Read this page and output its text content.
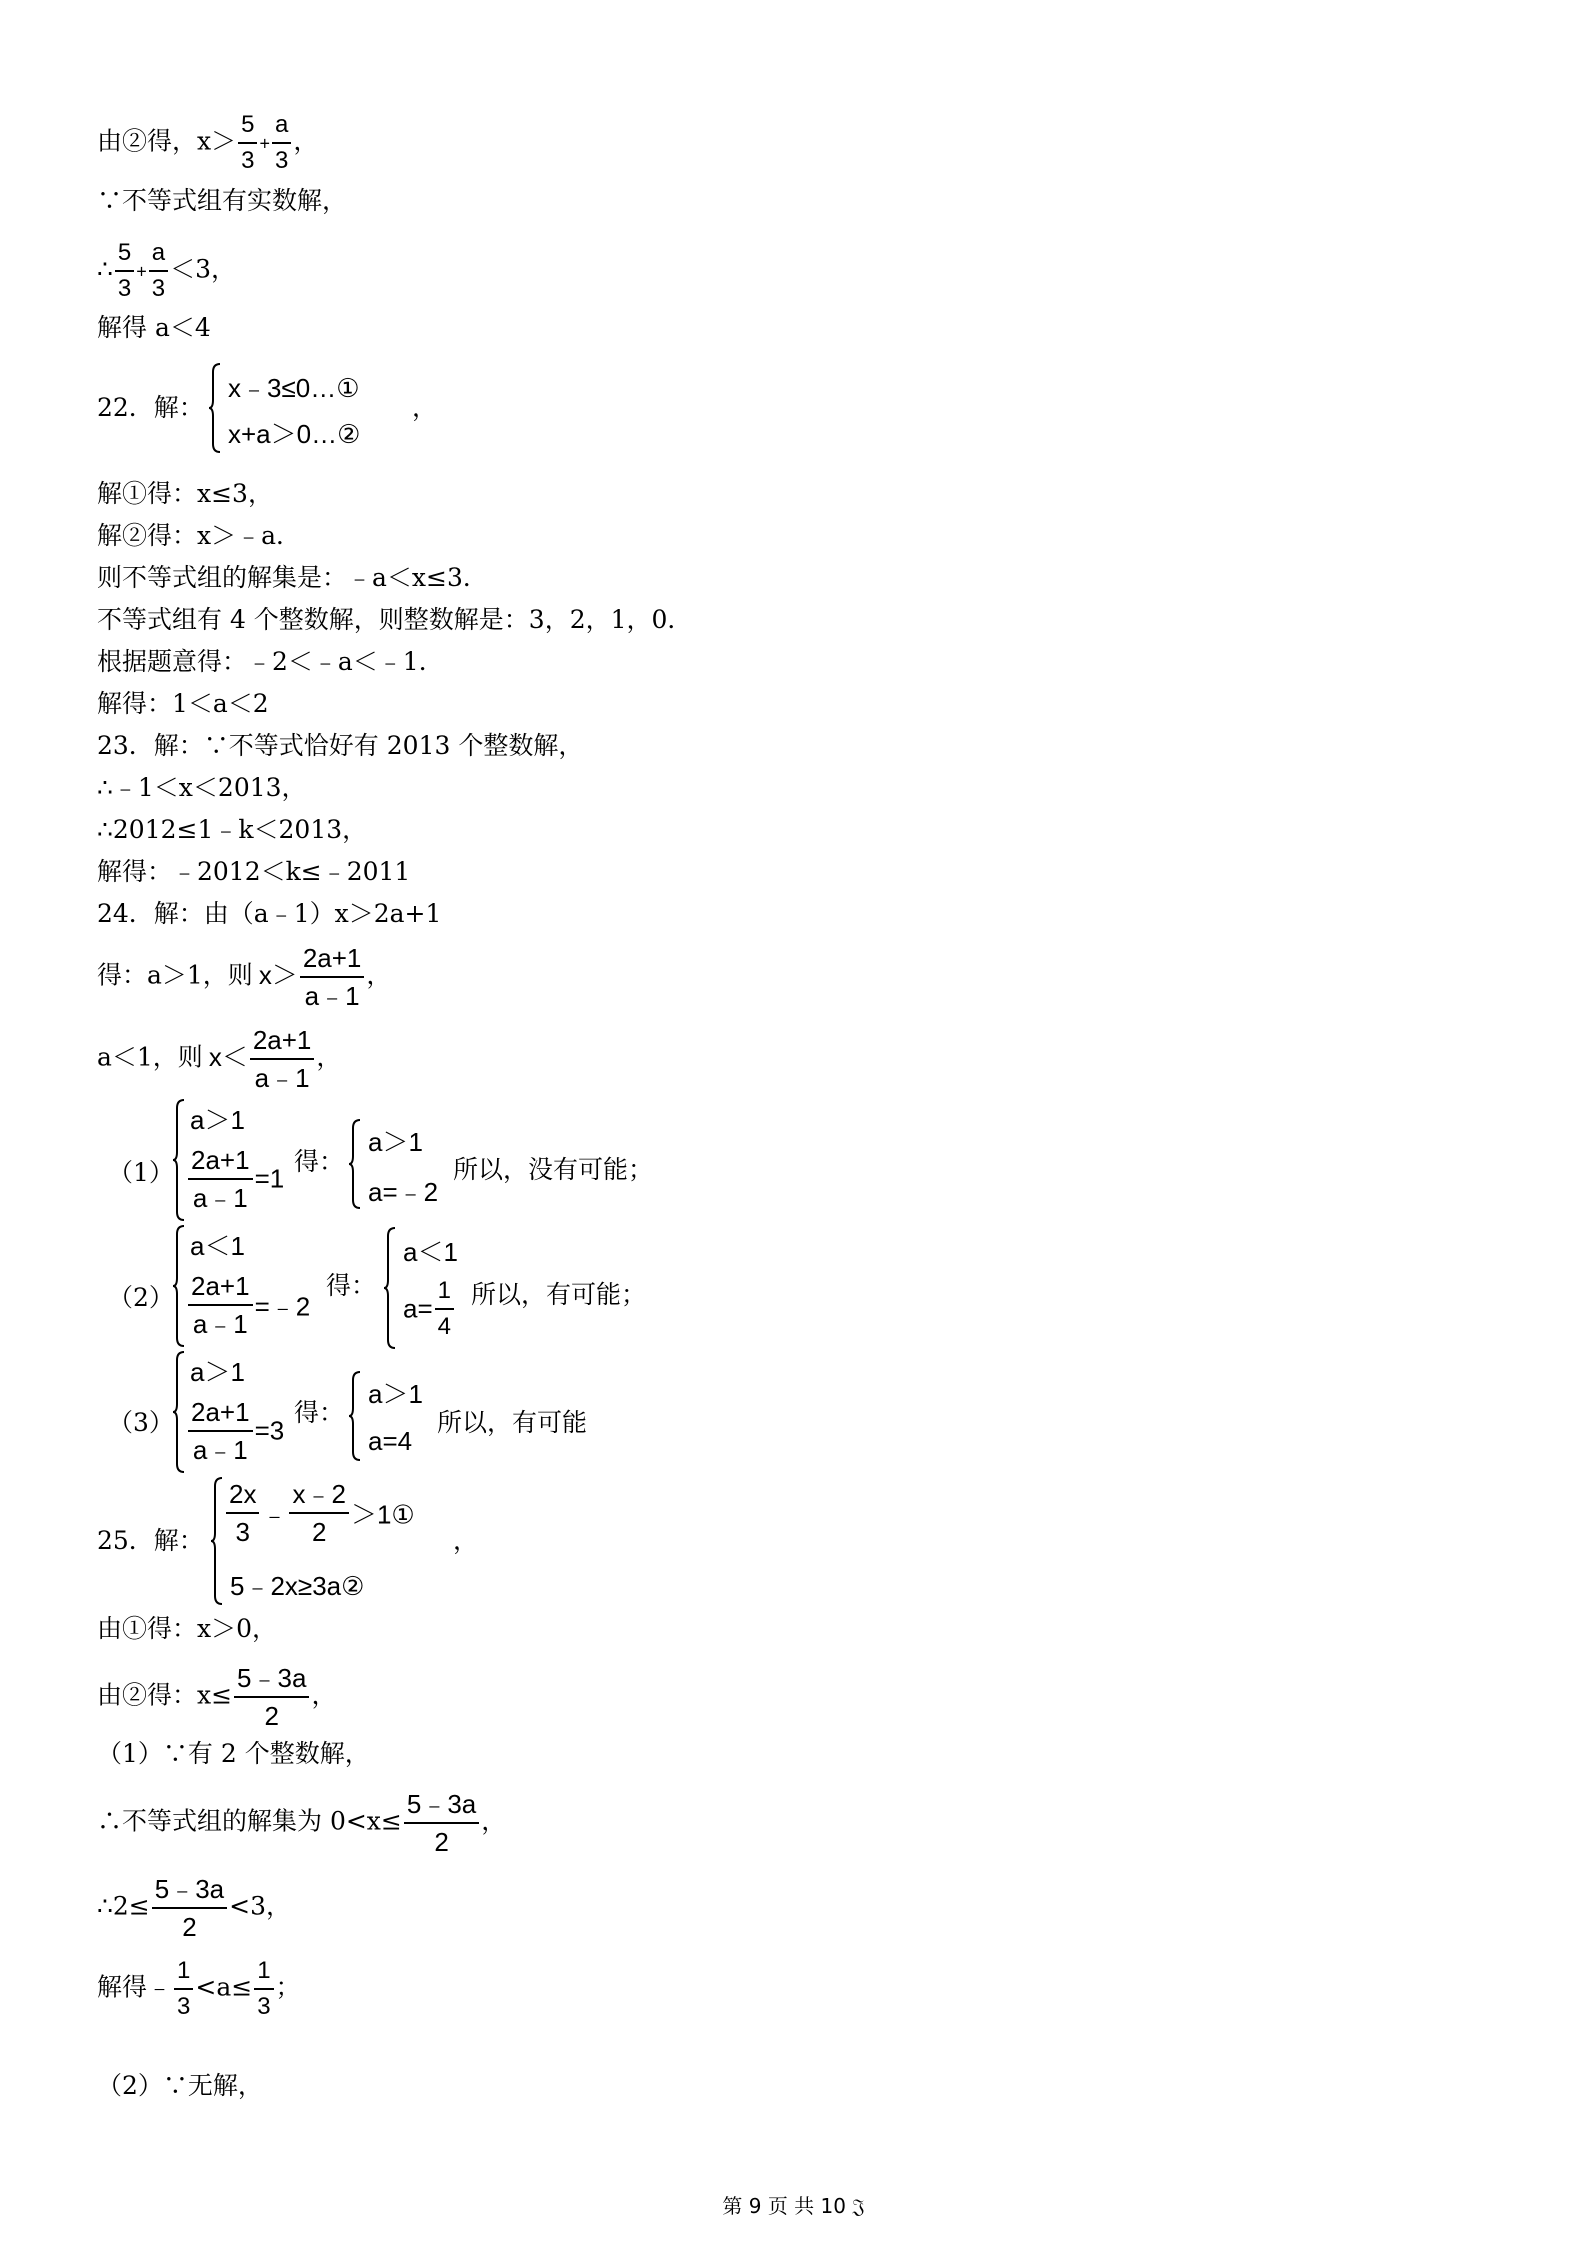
由②得，$x> \frac{5}{3} + \frac{a}{3}$ ，
∵不等式组有实数解，
∴ $\frac{5}{3} + \frac{a}{3} <3$，
解得 a＜4
22．解：
x﹣3≤0…①
x+a＞0…②
，
解①得：x≤3，
解②得：x＞﹣a．
则不等式组的解集是：﹣a＜x≤3．
不等式组有 4 个整数解，则整数解是：3，2，1，0．
根据题意得：﹣2＜﹣a＜﹣1．
解得：1＜a＜2
23．解：∵不等式恰好有 2013 个整数解，
∴﹣1＜x＜2013，
∴2012≤1﹣k＜2013，
解得：﹣2012＜k≤﹣2011
24．解：由（a﹣1）x＞2a+1
得：a＞1，则 $x> \frac{2a+1}{a﹣1}$ ，
a＜1，则 $x< \frac{2a+1}{a﹣1}$ ，
（1）
a＞1
$\frac{2a+1}{a﹣1} =1$
得：
a＞1
a=﹣2
所以，没有可能；
（2）
a＜1
$\frac{2a+1}{a﹣1}$ =﹣2
得：
a＜1
$a= \frac{1}{4}$ 所以，有可能；
（3）
a＞1
$\frac{2a+1}{a﹣1} =3$
得：
a＞1
a=4
所以，有可能
25．解： $\frac{2x}{3}$ ﹣ $\frac{x﹣2}{2}$ ＞1①
5﹣2x≥3a②
，
由①得：x＞0，
由②得：$x\le \frac{5﹣3a}{2}$ ，
（1）∵有 2 个整数解，
∴不等式组的解集为 $0<x\le \frac{5﹣3a}{2}$ ，
∴2≤ $\frac{5﹣3a}{2} <3$，
解得﹣ $\frac{1}{3} <a\le \frac{1}{3}$ ；
（2）∵无解，
第 9 页 共 10 𝔍
